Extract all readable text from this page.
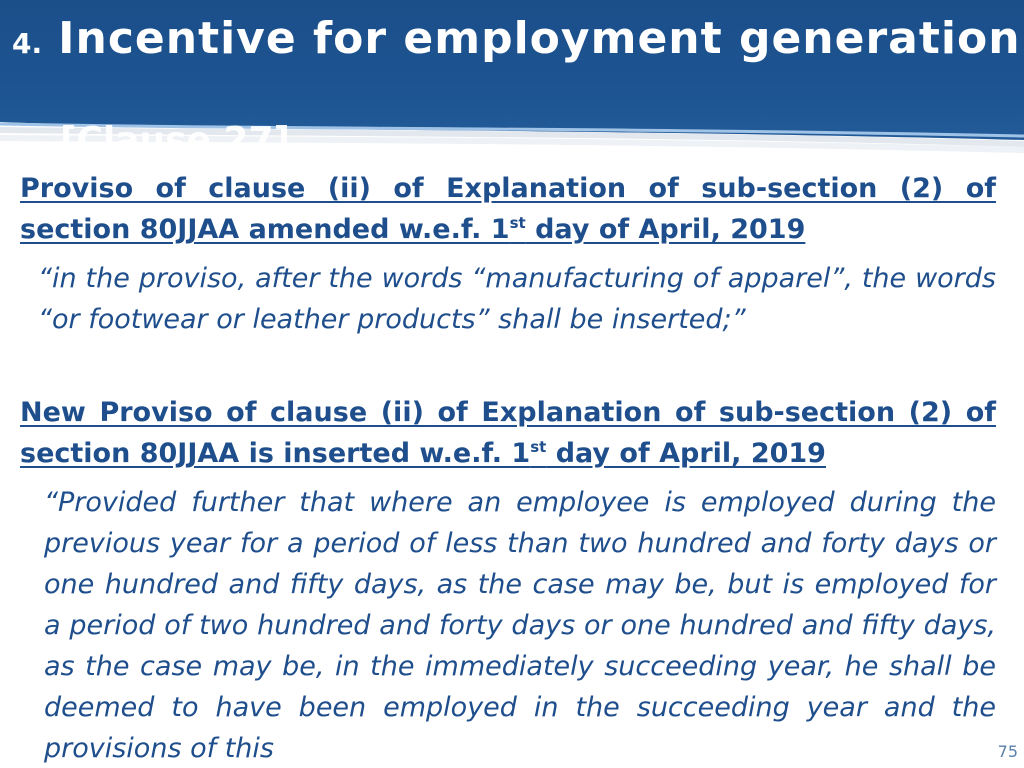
4. Incentive for employment generation
[Clause 27]
Proviso of clause (ii) of Explanation of sub-section (2) of section 80JJAA amended w.e.f. 1st day of April, 2019
“in the proviso, after the words “manufacturing of apparel”, the words “or footwear or leather products” shall be inserted;”
New Proviso of clause (ii) of Explanation of sub-section (2) of section 80JJAA is inserted w.e.f. 1st day of April, 2019
“Provided further that where an employee is employed during the previous year for a period of less than two hundred and forty days or one hundred and fifty days, as the case may be, but is employed for a period of two hundred and forty days or one hundred and fifty days, as the case may be, in the immediately succeeding year, he shall be deemed to have been employed in the succeeding year and the provisions of this	75
